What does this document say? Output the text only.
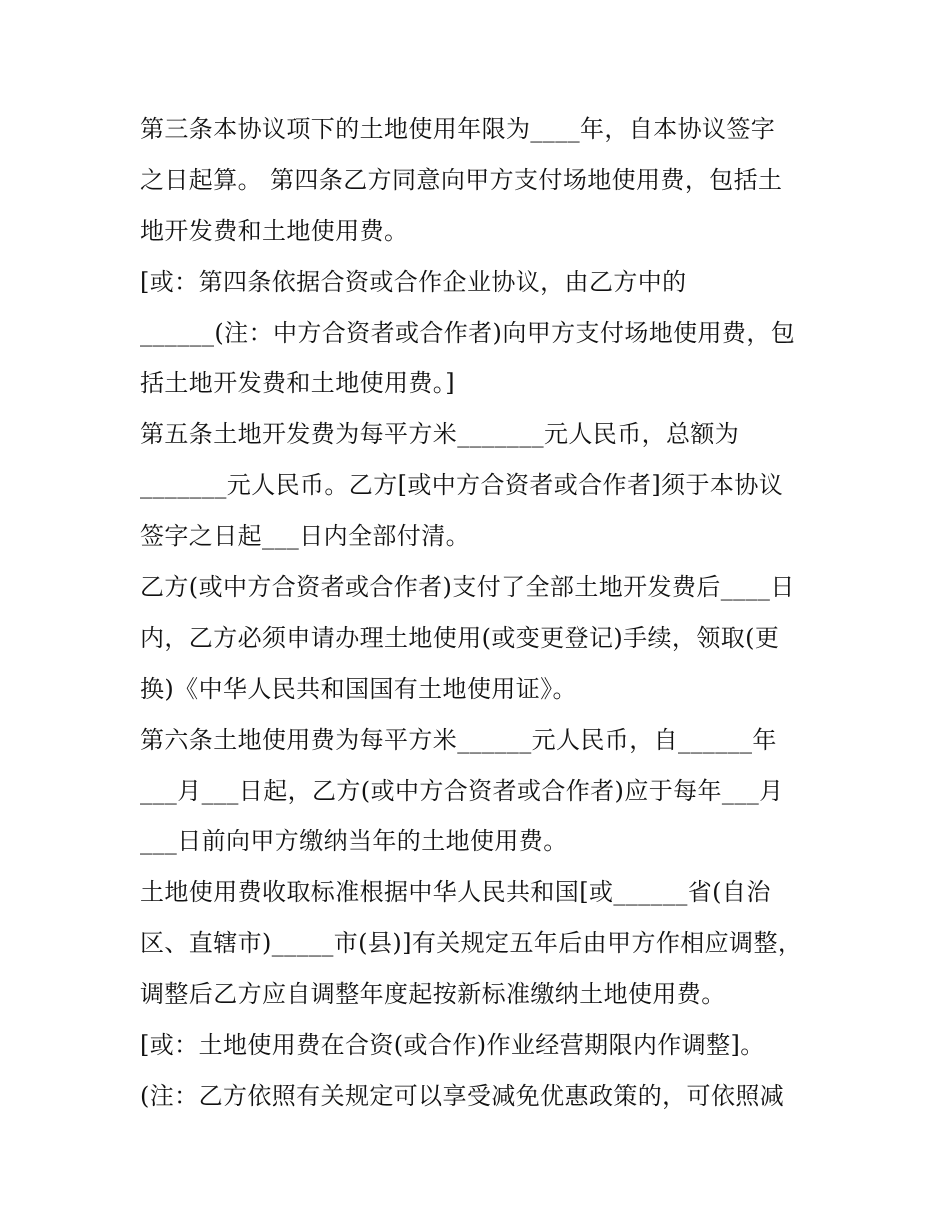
第三条本协议项下的土地使用年限为____年，自本协议签字
之日起算。 第四条乙方同意向甲方支付场地使用费，包括土
地开发费和土地使用费。
[或：第四条依据合资或合作企业协议，由乙方中的
______(注：中方合资者或合作者)向甲方支付场地使用费，包
括土地开发费和土地使用费。]
第五条土地开发费为每平方米_______元人民币，总额为
_______元人民币。乙方[或中方合资者或合作者]须于本协议
签字之日起___日内全部付清。
乙方(或中方合资者或合作者)支付了全部土地开发费后____日
内，乙方必须申请办理土地使用(或变更登记)手续，领取(更
换)《中华人民共和国国有土地使用证》。
第六条土地使用费为每平方米______元人民币，自______年
___月___日起，乙方(或中方合资者或合作者)应于每年___月
___日前向甲方缴纳当年的土地使用费。
土地使用费收取标准根据中华人民共和国[或______省(自治
区、直辖市)_____市(县)]有关规定五年后由甲方作相应调整，
调整后乙方应自调整年度起按新标准缴纳土地使用费。
[或：土地使用费在合资(或合作)作业经营期限内作调整]。
(注：乙方依照有关规定可以享受减免优惠政策的，可依照减
